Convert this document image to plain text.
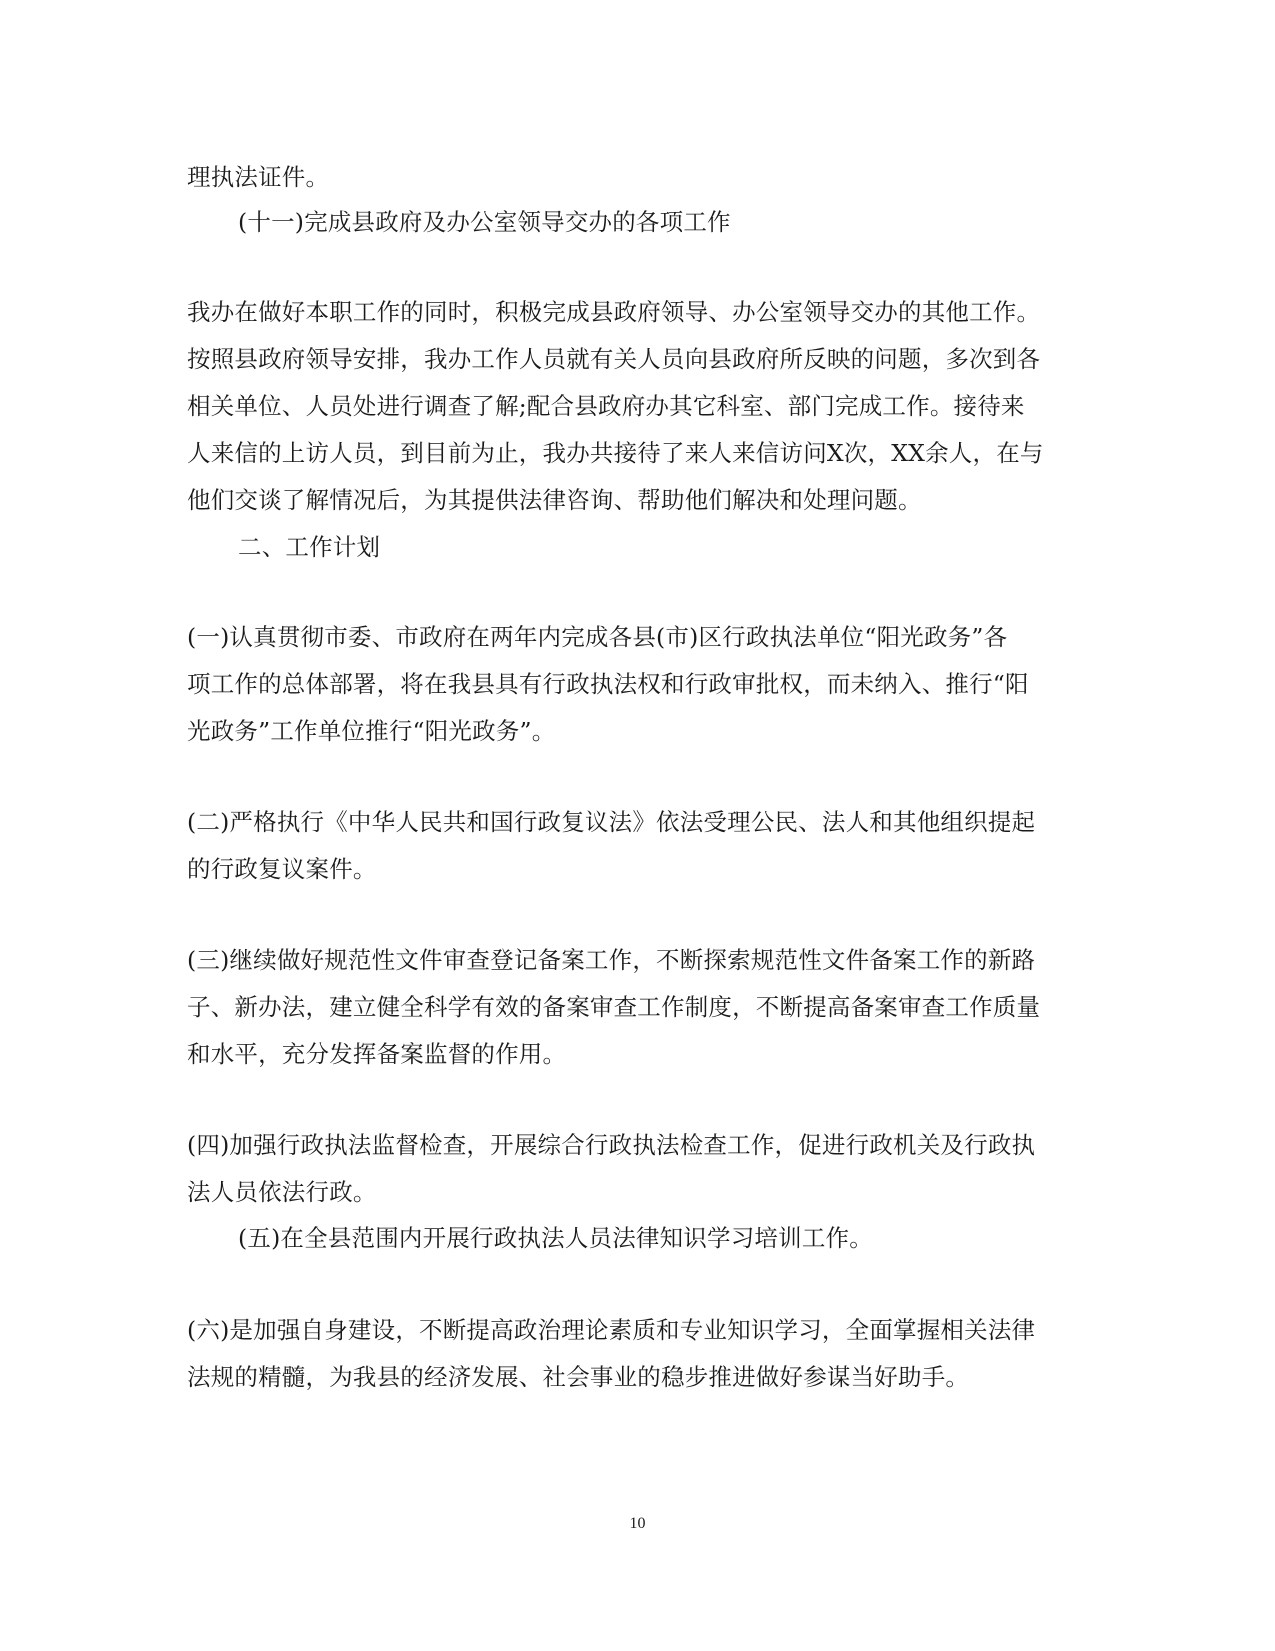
理执法证件。
(十一)完成县政府及办公室领导交办的各项工作
我办在做好本职工作的同时，积极完成县政府领导、办公室领导交办的其他工作。
按照县政府领导安排，我办工作人员就有关人员向县政府所反映的问题，多次到各
相关单位、人员处进行调查了解;配合县政府办其它科室、部门完成工作。接待来
人来信的上访人员，到目前为止，我办共接待了来人来信访问X次，XX余人，在与
他们交谈了解情况后，为其提供法律咨询、帮助他们解决和处理问题。
二、工作计划
(一)认真贯彻市委、市政府在两年内完成各县(市)区行政执法单位“阳光政务”各
项工作的总体部署，将在我县具有行政执法权和行政审批权，而未纳入、推行“阳
光政务”工作单位推行“阳光政务”。
(二)严格执行《中华人民共和国行政复议法》依法受理公民、法人和其他组织提起
的行政复议案件。
(三)继续做好规范性文件审查登记备案工作，不断探索规范性文件备案工作的新路
子、新办法，建立健全科学有效的备案审查工作制度，不断提高备案审查工作质量
和水平，充分发挥备案监督的作用。
(四)加强行政执法监督检查，开展综合行政执法检查工作，促进行政机关及行政执
法人员依法行政。
(五)在全县范围内开展行政执法人员法律知识学习培训工作。
(六)是加强自身建设，不断提高政治理论素质和专业知识学习，全面掌握相关法律
法规的精髓，为我县的经济发展、社会事业的稳步推进做好参谋当好助手。
10
